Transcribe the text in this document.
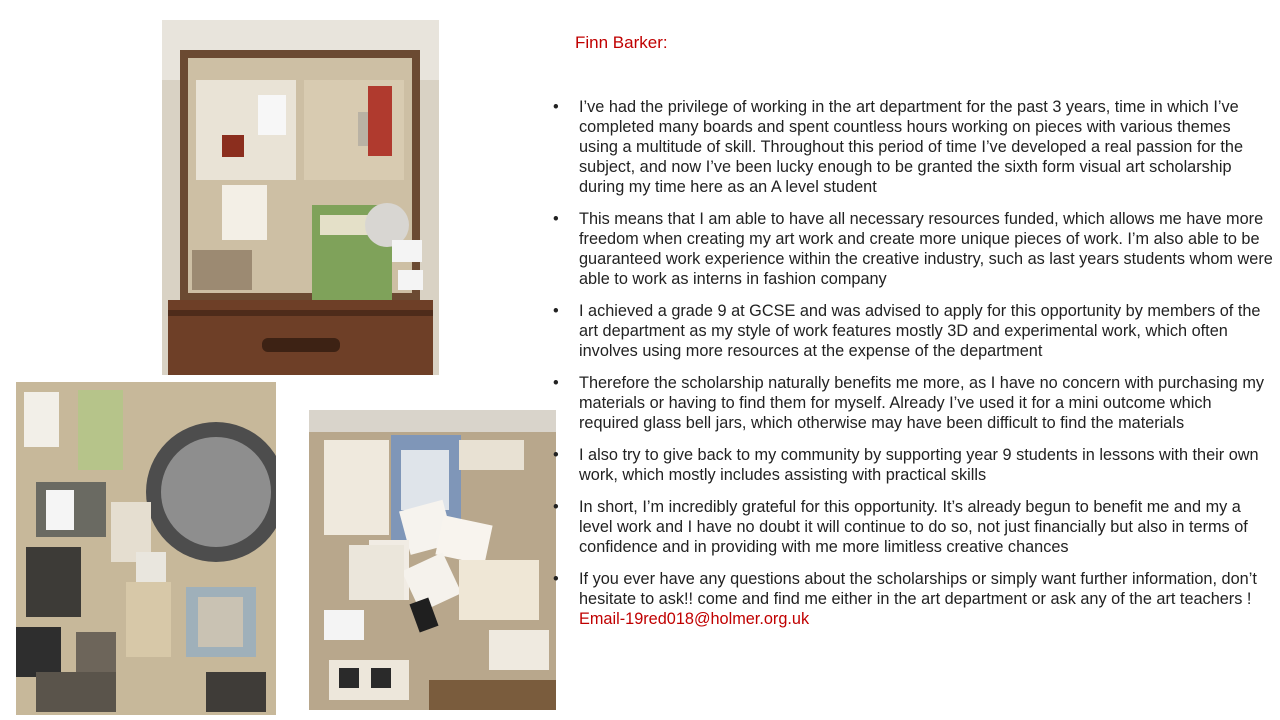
Finn Barker:
• I’ve had the privilege of working in the art department for the past 3 years, time in which I’ve completed many boards and spent countless hours working on pieces with various themes using a multitude of skill. Throughout this period of time I’ve developed a real passion for the subject, and now I’ve been lucky enough to be granted the sixth form visual art scholarship during my time here as an A level student
• This means that I am able to have all necessary resources funded, which allows me have more freedom when creating my art work and create more unique pieces of work. I’m also able to be guaranteed work experience within the creative industry, such as last years students whom were able to work as interns in fashion company
• I achieved a grade 9 at GCSE and was advised to apply for this opportunity by members of the art department as my style of work features mostly 3D and experimental work, which often involves using more resources at the expense of the department
• Therefore the scholarship naturally benefits me more, as I have no concern with purchasing my materials or having to find them for myself. Already I’ve used it for a mini outcome which required glass bell jars, which otherwise may have been difficult to find the materials
• I also try to give back to my community by supporting year 9 students in lessons with their own work, which mostly includes assisting with practical skills
• In short, I’m incredibly grateful for this opportunity. It’s already begun to benefit me and my a level work and I have no doubt it will continue to do so, not just financially but also in terms of confidence and in providing with me more limitless creative chances
• If you ever have any questions about the scholarships or simply want further information, don’t hesitate to ask!! come and find me either in the art department or ask any of the art teachers ! Email-19red018@holmer.org.uk
